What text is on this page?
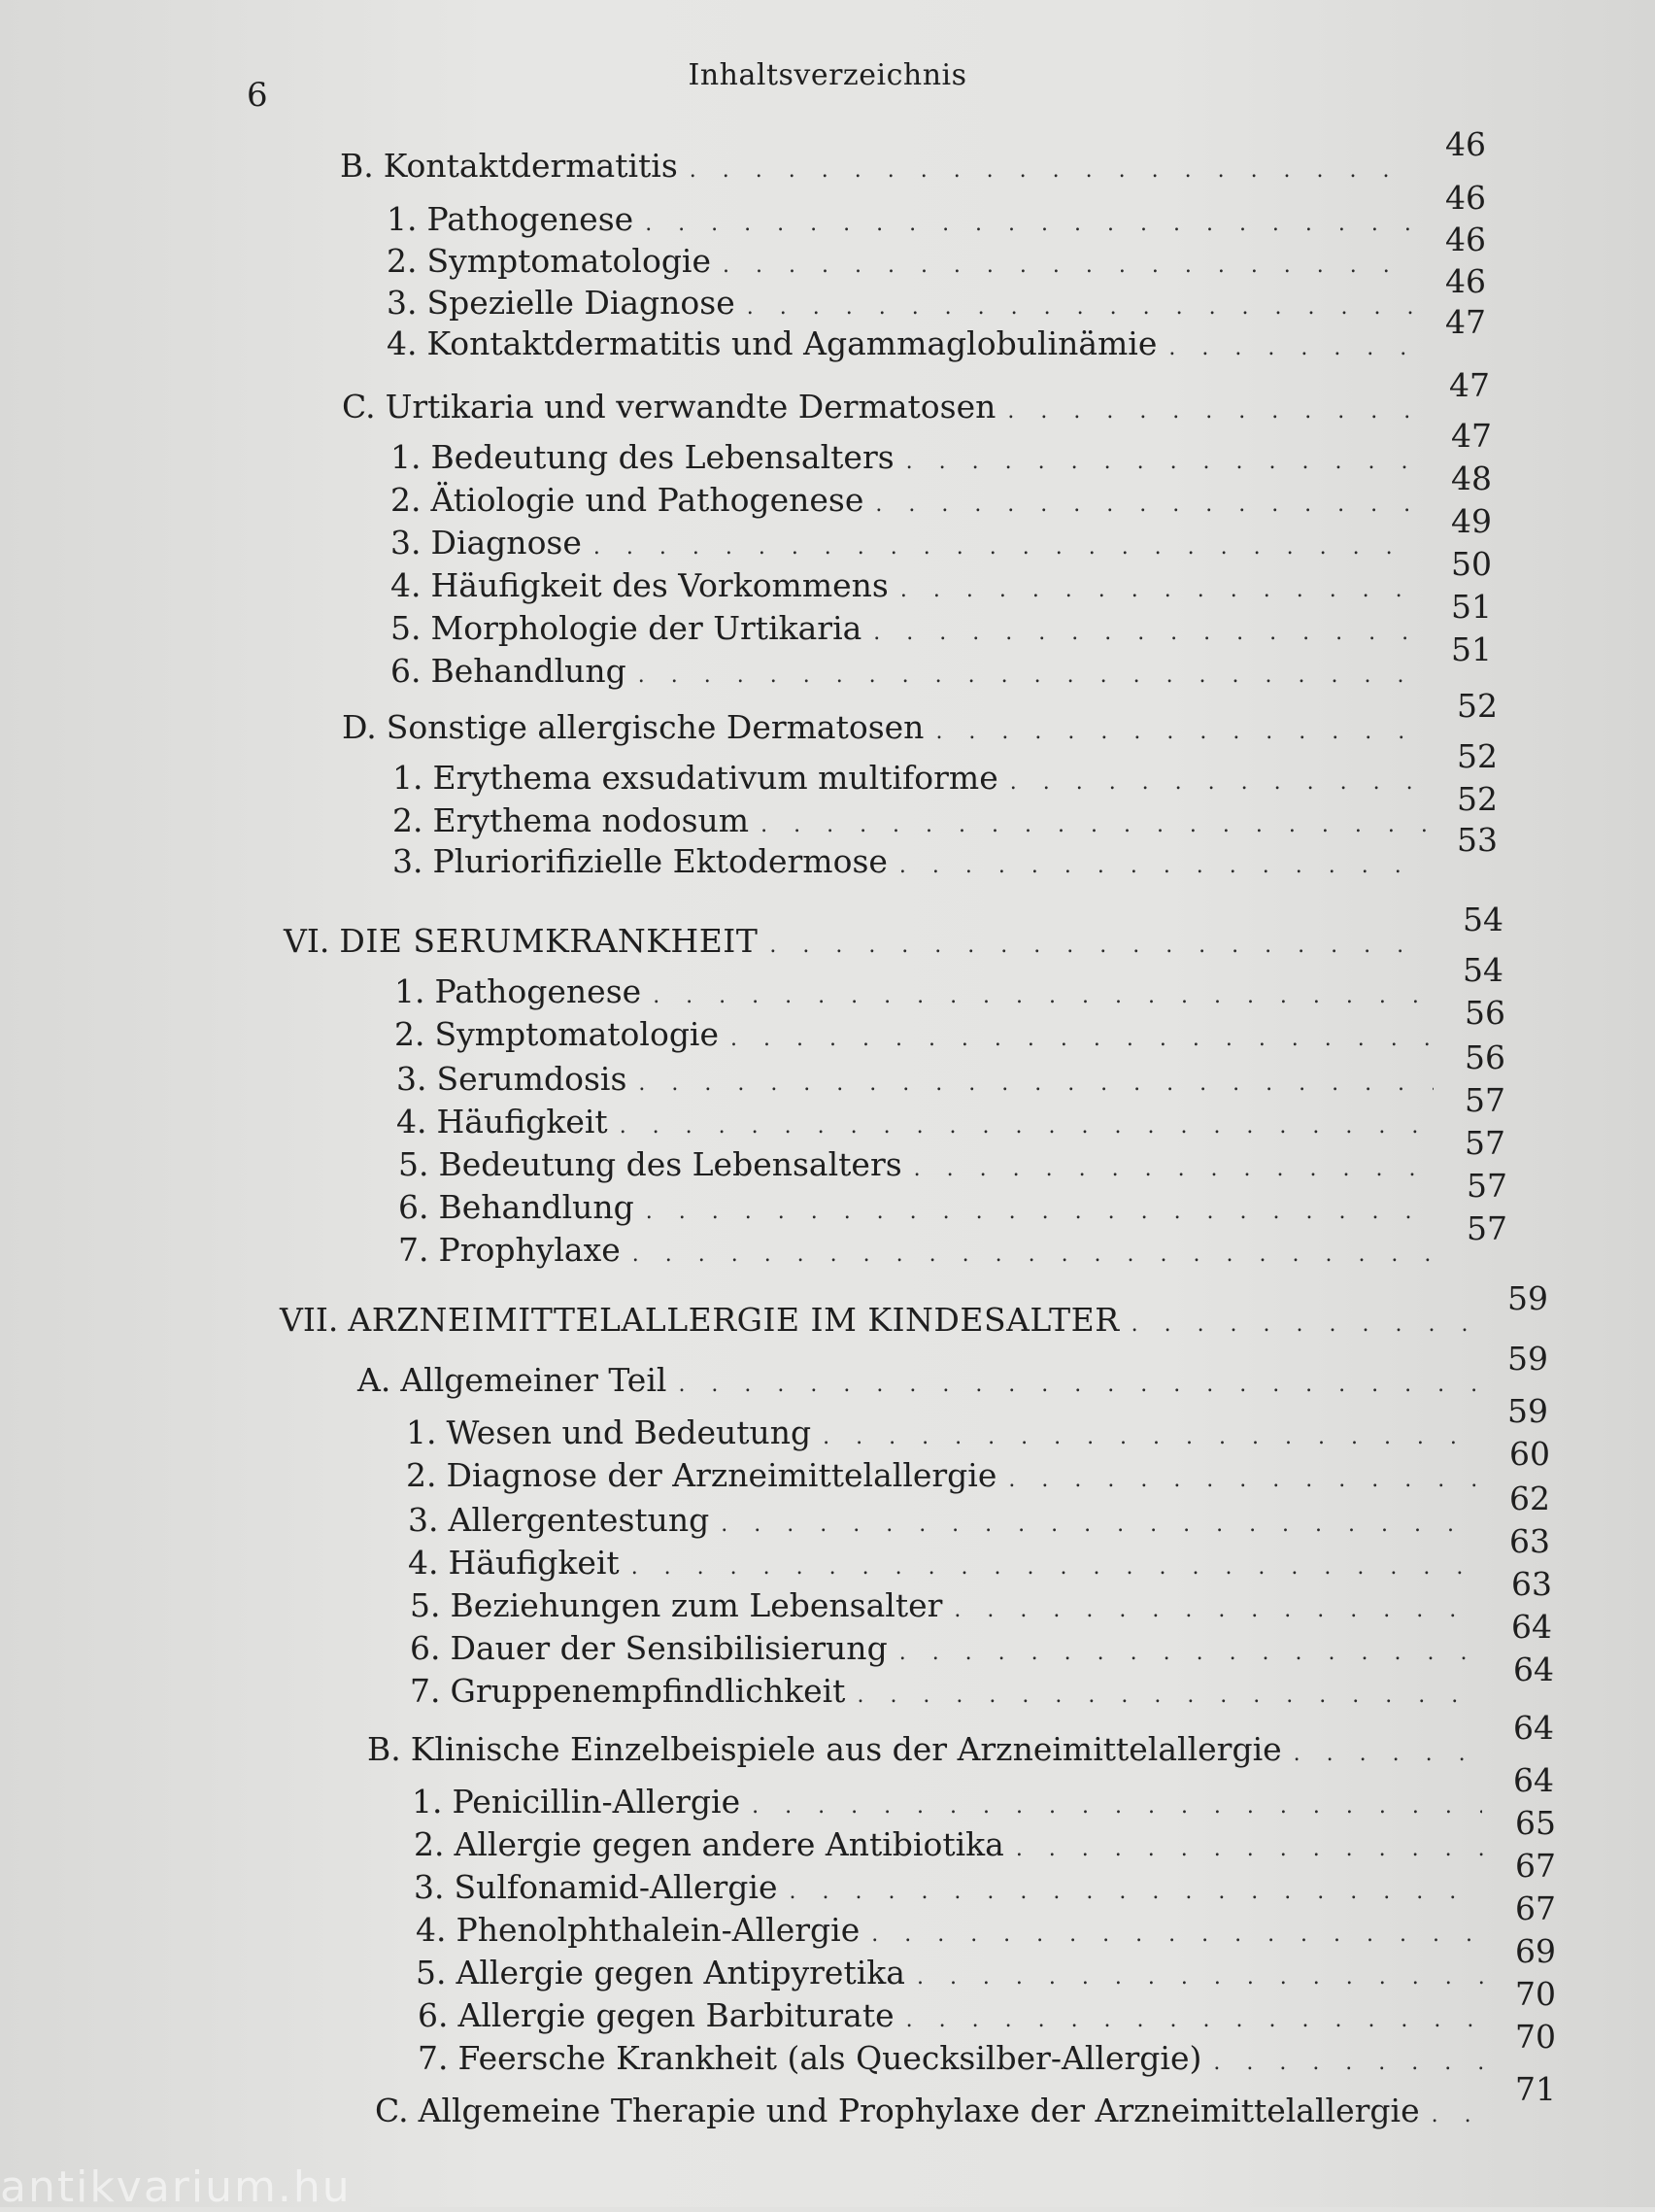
6
Inhaltsverzeichnis
B. Kontaktdermatitis
. . .
46
1. Pathogenese
. . .
46
2. Symptomatologie
. . .
46
3. Spezielle Diagnose
. . .
46
4. Kontaktdermatitis und Agammaglobulinämie
. . .
47
C. Urtikaria und verwandte Dermatosen
. . .
47
1. Bedeutung des Lebensalters
. . .
47
2. Ätiologie und Pathogenese
. . .
48
3. Diagnose
. . .
49
4. Häufigkeit des Vorkommens
. . .
50
5. Morphologie der Urtikaria
. . .
51
6. Behandlung
. . .
51
D. Sonstige allergische Dermatosen
. . .
52
1. Erythema exsudativum multiforme
. . .
52
2. Erythema nodosum
. . .
52
3. Pluriorifizielle Ektodermose
. . .
53
VI. DIE SERUMKRANKHEIT
. . .
54
1. Pathogenese
. . .
54
2. Symptomatologie
. . .
56
3. Serumdosis
. . .
56
4. Häufigkeit
. . .
57
5. Bedeutung des Lebensalters
. . .
57
6. Behandlung
. . .
57
7. Prophylaxe
. . .
57
VII. ARZNEIMITTELALLERGIE IM KINDESALTER
. . .
59
A. Allgemeiner Teil
. . .
59
1. Wesen und Bedeutung
. . .
59
2. Diagnose der Arzneimittelallergie
. . .
60
3. Allergentestung
. . .
62
4. Häufigkeit
. . .
63
5. Beziehungen zum Lebensalter
. . .
63
6. Dauer der Sensibilisierung
. . .
64
7. Gruppenempfindlichkeit
. . .
64
B. Klinische Einzelbeispiele aus der Arzneimittelallergie
. . .
64
1. Penicillin-Allergie
. . .
64
2. Allergie gegen andere Antibiotika
. . .
65
3. Sulfonamid-Allergie
. . .
67
4. Phenolphthalein-Allergie
. . .
67
5. Allergie gegen Antipyretika
. . .
69
6. Allergie gegen Barbiturate
. . .
70
7. Feersche Krankheit (als Quecksilber-Allergie)
. . .
70
C. Allgemeine Therapie und Prophylaxe der Arzneimittelallergie
. . .
71
antikvarium.hu
